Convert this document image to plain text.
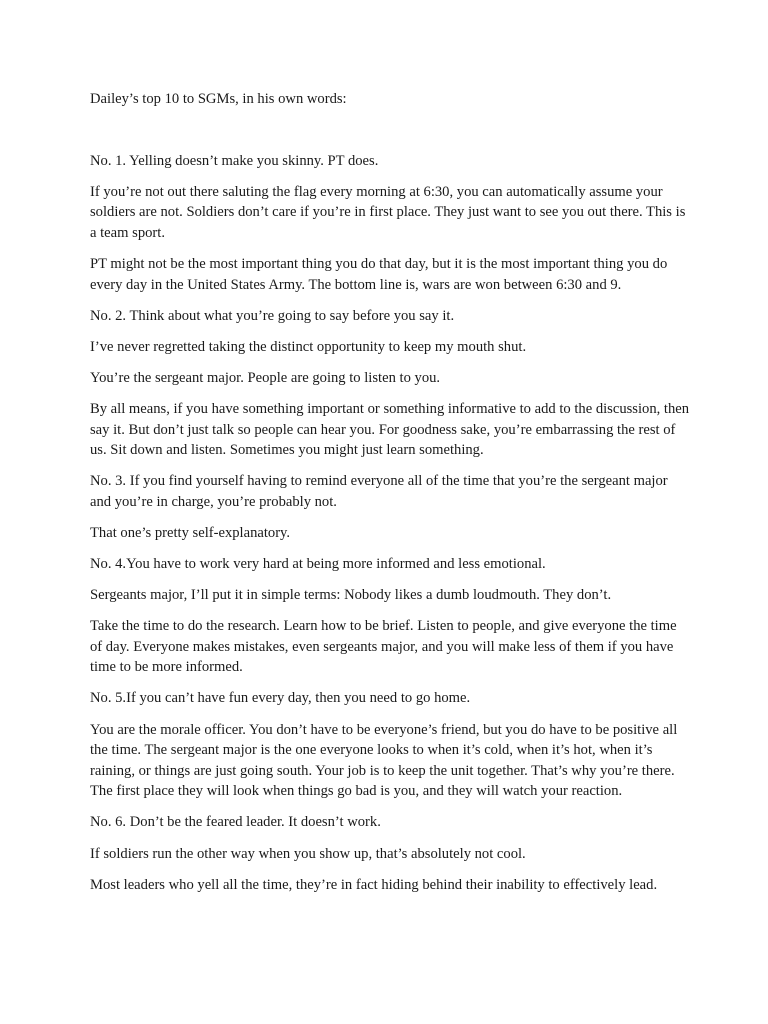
Dailey’s top 10 to SGMs, in his own words:

No. 1. Yelling doesn’t make you skinny. PT does.

If you’re not out there saluting the flag every morning at 6:30, you can automatically assume your soldiers are not. Soldiers don’t care if you’re in first place. They just want to see you out there. This is a team sport.

PT might not be the most important thing you do that day, but it is the most important thing you do every day in the United States Army. The bottom line is, wars are won between 6:30 and 9.

No. 2. Think about what you’re going to say before you say it.

I’ve never regretted taking the distinct opportunity to keep my mouth shut.

You’re the sergeant major. People are going to listen to you.

By all means, if you have something important or something informative to add to the discussion, then say it. But don’t just talk so people can hear you. For goodness sake, you’re embarrassing the rest of us. Sit down and listen. Sometimes you might just learn something.

No. 3. If you find yourself having to remind everyone all of the time that you’re the sergeant major and you’re in charge, you’re probably not.

That one’s pretty self-explanatory.

No. 4.You have to work very hard at being more informed and less emotional.

Sergeants major, I’ll put it in simple terms: Nobody likes a dumb loudmouth. They don’t.

Take the time to do the research. Learn how to be brief. Listen to people, and give everyone the time of day. Everyone makes mistakes, even sergeants major, and you will make less of them if you have time to be more informed.

No. 5.If you can’t have fun every day, then you need to go home.

You are the morale officer. You don’t have to be everyone’s friend, but you do have to be positive all the time. The sergeant major is the one everyone looks to when it’s cold, when it’s hot, when it’s raining, or things are just going south. Your job is to keep the unit together. That’s why you’re there. The first place they will look when things go bad is you, and they will watch your reaction.

No. 6. Don’t be the feared leader. It doesn’t work.

If soldiers run the other way when you show up, that’s absolutely not cool.

Most leaders who yell all the time, they’re in fact hiding behind their inability to effectively lead.
